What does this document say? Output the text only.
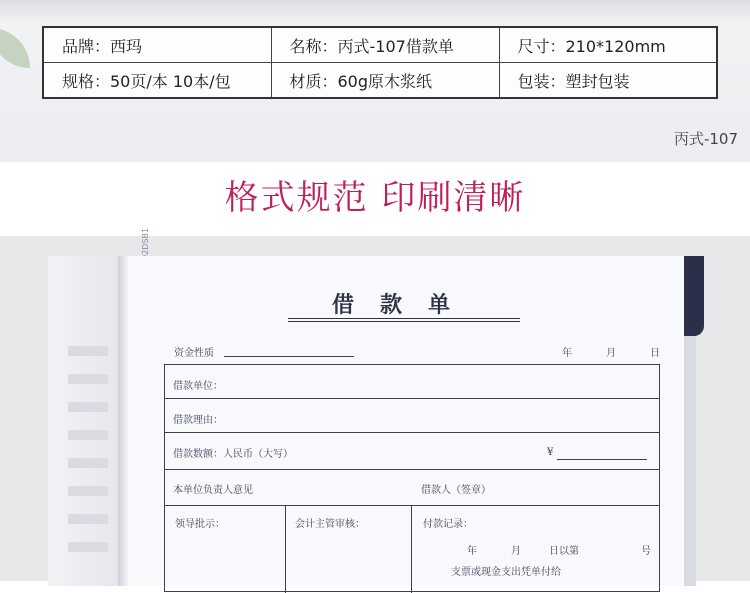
品牌：西玛	名称：丙式-107借款单	尺寸：210*120mm
规格：50页/本 10本/包	材质：60g原木浆纸	包装：塑封包装
丙式-107
格式规范 印刷清晰
借款单
资金性质	年	月	日
借款单位：
借款理由：
借款数额：人民币（大写）	¥
本单位负责人意见	借款人（签章）
领导批示：	会计主管审核：	付款记录：
年	月	日以第	号
支票或现金支出凭单付给
